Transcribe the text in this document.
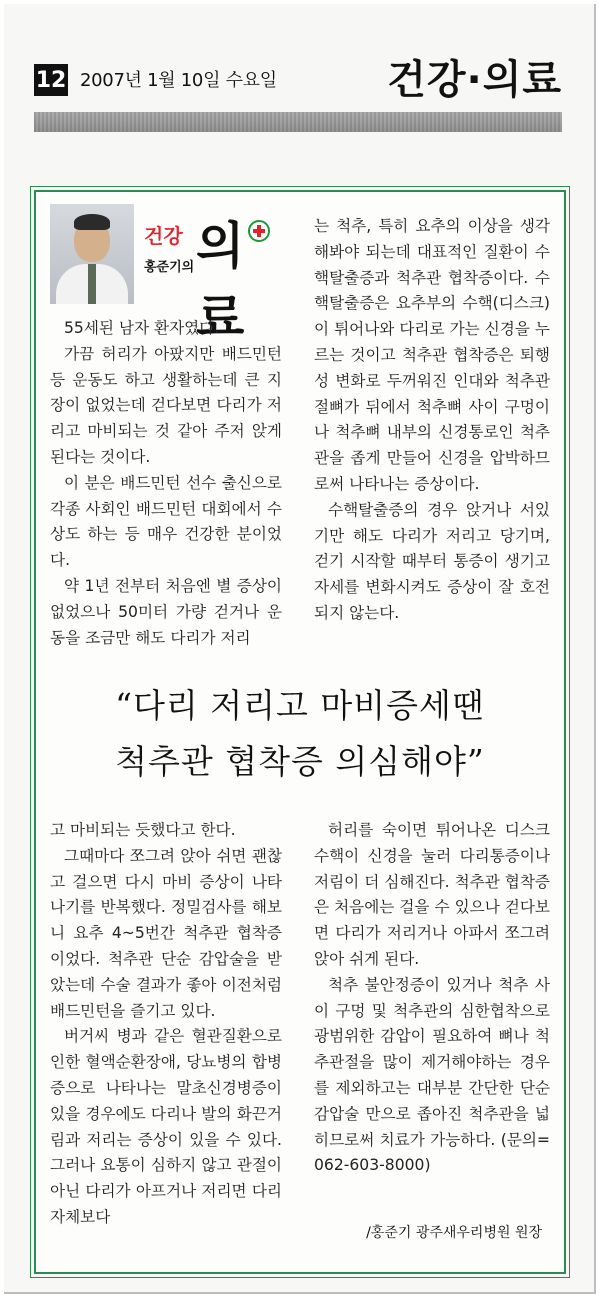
12 2007년 1월 10일 수요일	건강·의료
건강 의료
홍준기의

55세된 남자 환자였다.

가끔 허리가 아팠지만 배드민턴 등 운동도 하고 생활하는데 큰 지장이 없었는데 걷다보면 다리가 저리고 마비되는 것 같아 주저 앉게 된다는 것이다.

이 분은 배드민턴 선수 출신으로 각종 사회인 배드민턴 대회에서 수상도 하는 등 매우 건강한 분이었다.

약 1년 전부터 처음엔 별 증상이 없었으나 50미터 가량 걷거나 운동을 조금만 해도 다리가 저리

는 척추, 특히 요추의 이상을 생각해봐야 되는데 대표적인 질환이 수핵탈출증과 척추관 협착증이다. 수핵탈출증은 요추부의 수핵(디스크)이 튀어나와 다리로 가는 신경을 누르는 것이고 척추관 협착증은 퇴행성 변화로 두꺼워진 인대와 척추관절뼈가 뒤에서 척추뼈 사이 구멍이나 척추뼈 내부의 신경통로인 척추관을 좁게 만들어 신경을 압박하므로써 나타나는 증상이다.

수핵탈출증의 경우 앉거나 서있기만 해도 다리가 저리고 당기며, 걷기 시작할 때부터 통증이 생기고 자세를 변화시켜도 증상이 잘 호전되지 않는다.

“다리 저리고 마비증세땐
척추관 협착증 의심해야”

고 마비되는 듯했다고 한다.

그때마다 쪼그려 앉아 쉬면 괜찮고 걸으면 다시 마비 증상이 나타나기를 반복했다. 정밀검사를 해보니 요추 4~5번간 척추관 협착증이었다. 척추관 단순 감압술을 받았는데 수술 결과가 좋아 이전처럼 배드민턴을 즐기고 있다.

버거씨 병과 같은 혈관질환으로 인한 혈액순환장애, 당뇨병의 합병증으로 나타나는 말초신경병증이 있을 경우에도 다리나 발의 화끈거림과 저리는 증상이 있을 수 있다. 그러나 요통이 심하지 않고 관절이 아닌 다리가 아프거나 저리면 다리자체보다

허리를 숙이면 튀어나온 디스크 수핵이 신경을 눌러 다리통증이나 저림이 더 심해진다. 척추관 협착증은 처음에는 걸을 수 있으나 걷다보면 다리가 저리거나 아파서 쪼그려 앉아 쉬게 된다.

척추 불안정증이 있거나 척추 사이 구멍 및 척추관의 심한협착으로 광범위한 감압이 필요하여 뼈나 척추관절을 많이 제거해야하는 경우를 제외하고는 대부분 간단한 단순 감압술 만으로 좁아진 척추관을 넓히므로써 치료가 가능하다. (문의=062-603-8000)

/홍준기 광주새우리병원 원장
